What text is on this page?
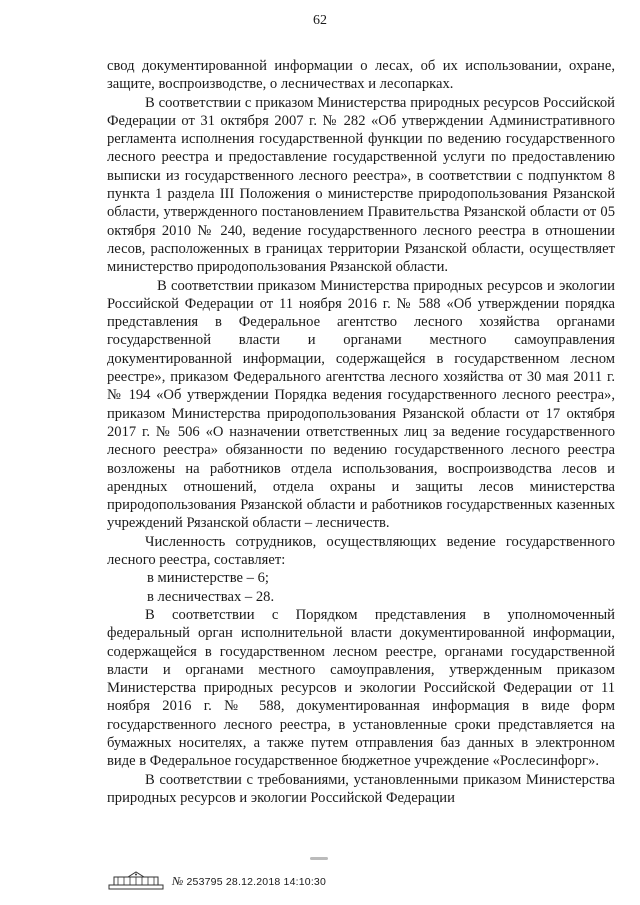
62

свод документированной информации о лесах, об их использовании, охране, защите, воспроизводстве, о лесничествах и лесопарках.

В соответствии с приказом Министерства природных ресурсов Российской Федерации от 31 октября 2007 г. № 282 «Об утверждении Административного регламента исполнения государственной функции по ведению государственного лесного реестра и предоставление государственной услуги по предоставлению выписки из государственного лесного реестра», в соответствии с подпунктом 8 пункта 1 раздела III Положения о министерстве природопользования Рязанской области, утвержденного постановлением Правительства Рязанской области от 05 октября 2010 № 240, ведение государственного лесного реестра в отношении лесов, расположенных в границах территории Рязанской области, осуществляет министерство природопользования Рязанской области.

В соответствии приказом Министерства природных ресурсов и экологии Российской Федерации от 11 ноября 2016 г. № 588 «Об утверждении порядка представления в Федеральное агентство лесного хозяйства органами государственной власти и органами местного самоуправления документированной информации, содержащейся в государственном лесном реестре», приказом Федерального агентства лесного хозяйства от 30 мая 2011 г. № 194 «Об утверждении Порядка ведения государственного лесного реестра», приказом Министерства природопользования Рязанской области от 17 октября 2017 г. № 506 «О назначении ответственных лиц за ведение государственного лесного реестра» обязанности по ведению государственного лесного реестра возложены на работников отдела использования, воспроизводства лесов и арендных отношений, отдела охраны и защиты лесов министерства природопользования Рязанской области и работников государственных казенных учреждений Рязанской области – лесничеств.

Численность сотрудников, осуществляющих ведение государственного лесного реестра, составляет:

в министерстве – 6;

в лесничествах – 28.

В соответствии с Порядком представления в уполномоченный федеральный орган исполнительной власти документированной информации, содержащейся в государственном лесном реестре, органами государственной власти и органами местного самоуправления, утвержденным приказом Министерства природных ресурсов и экологии Российской Федерации от 11 ноября 2016 г. № 588, документированная информация в виде форм государственного лесного реестра, в установленные сроки представляется на бумажных носителях, а также путем отправления баз данных в электронном виде в Федеральное государственное бюджетное учреждение «Рослесинфорг».

В соответствии с требованиями, установленными приказом Министерства природных ресурсов и экологии Российской Федерации

№ 253795 28.12.2018 14:10:30
